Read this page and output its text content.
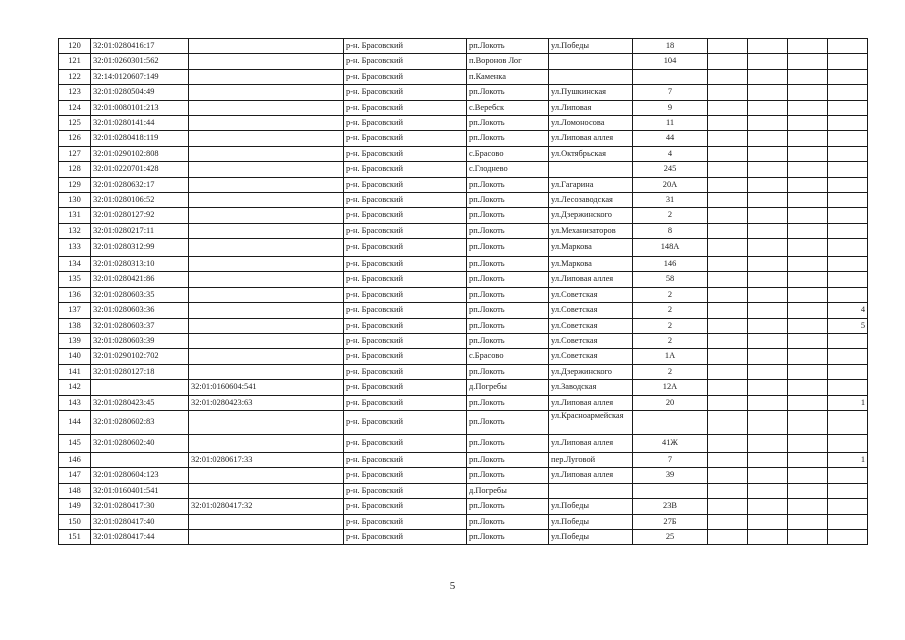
120	32:01:0280416:17		р-н. Брасовский	рп.Локоть	ул.Победы	18				
121	32:01:0260301:562		р-н. Брасовский	п.Воронов Лог		104				
122	32:14:0120607:149		р-н. Брасовский	п.Каменка						
123	32:01:0280504:49		р-н. Брасовский	рп.Локоть	ул.Пушкинская	7				
124	32:01:0080101:213		р-н. Брасовский	с.Веребск	ул.Липовая	9				
125	32:01:0280141:44		р-н. Брасовский	рп.Локоть	ул.Ломоносова	11				
126	32:01:0280418:119		р-н. Брасовский	рп.Локоть	ул.Липовая аллея	44				
127	32:01:0290102:808		р-н. Брасовский	с.Брасово	ул.Октябрьская	4				
128	32:01:0220701:428		р-н. Брасовский	с.Глоднево		245				
129	32:01:0280632:17		р-н. Брасовский	рп.Локоть	ул.Гагарина	20А				
130	32:01:0280106:52		р-н. Брасовский	рп.Локоть	ул.Лесозаводская	31				
131	32:01:0280127:92		р-н. Брасовский	рп.Локоть	ул.Дзержинского	2				
132	32:01:0280217:11		р-н. Брасовский	рп.Локоть	ул.Механизаторов	8				
133	32:01:0280312:99		р-н. Брасовский	рп.Локоть	ул.Маркова	148А				
134	32:01:0280313:10		р-н. Брасовский	рп.Локоть	ул.Маркова	146				
135	32:01:0280421:86		р-н. Брасовский	рп.Локоть	ул.Липовая аллея	58				
136	32:01:0280603:35		р-н. Брасовский	рп.Локоть	ул.Советская	2				
137	32:01:0280603:36		р-н. Брасовский	рп.Локоть	ул.Советская	2				4
138	32:01:0280603:37		р-н. Брасовский	рп.Локоть	ул.Советская	2				5
139	32:01:0280603:39		р-н. Брасовский	рп.Локоть	ул.Советская	2				
140	32:01:0290102:702		р-н. Брасовский	с.Брасово	ул.Советская	1А				
141	32:01:0280127:18		р-н. Брасовский	рп.Локоть	ул.Дзержинского	2				
142		32:01:0160604:541	р-н. Брасовский	д.Погребы	ул.Заводская	12А				
143	32:01:0280423:45	32:01:0280423:63	р-н. Брасовский	рп.Локоть	ул.Липовая аллея	20				1
144	32:01:0280602:83		р-н. Брасовский	рп.Локоть	ул.Красноармейская					
145	32:01:0280602:40		р-н. Брасовский	рп.Локоть	ул.Липовая аллея	41Ж				
146		32:01:0280617:33	р-н. Брасовский	рп.Локоть	пер.Луговой	7				1
147	32:01:0280604:123		р-н. Брасовский	рп.Локоть	ул.Липовая аллея	39				
148	32:01:0160401:541		р-н. Брасовский	д.Погребы						
149	32:01:0280417:30	32:01:0280417:32	р-н. Брасовский	рп.Локоть	ул.Победы	23В				
150	32:01:0280417:40		р-н. Брасовский	рп.Локоть	ул.Победы	27Б				
151	32:01:0280417:44		р-н. Брасовский	рп.Локоть	ул.Победы	25				
5
